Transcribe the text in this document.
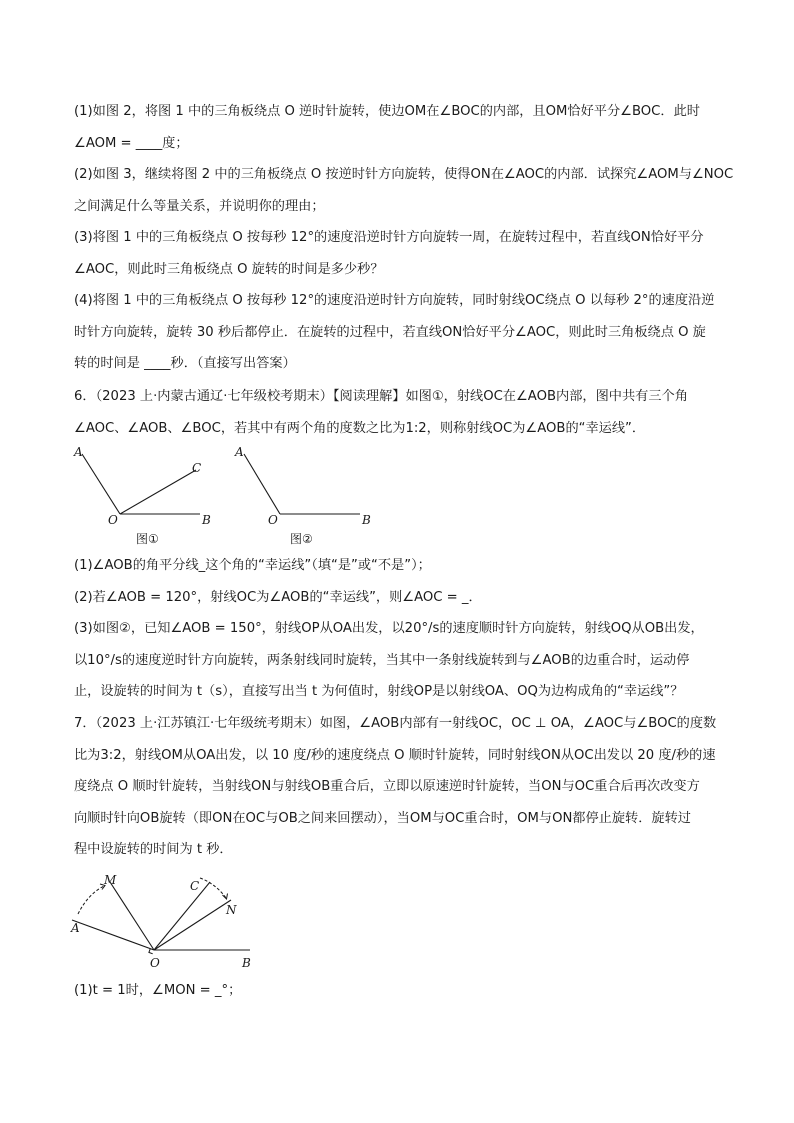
(1)如图 2，将图 1 中的三角板绕点 O 逆时针旋转，使边OM在∠BOC的内部，且OM恰好平分∠BOC．此时

∠AOM = ____度；

(2)如图 3，继续将图 2 中的三角板绕点 O 按逆时针方向旋转，使得ON在∠AOC的内部．试探究∠AOM与∠NOC

之间满足什么等量关系，并说明你的理由；

(3)将图 1 中的三角板绕点 O 按每秒 12°的速度沿逆时针方向旋转一周，在旋转过程中，若直线ON恰好平分

∠AOC，则此时三角板绕点 O 旋转的时间是多少秒？

(4)将图 1 中的三角板绕点 O 按每秒 12°的速度沿逆时针方向旋转，同时射线OC绕点 O 以每秒 2°的速度沿逆

时针方向旋转，旋转 30 秒后都停止．在旋转的过程中，若直线ON恰好平分∠AOC，则此时三角板绕点 O 旋

转的时间是 ____秒．（直接写出答案）

6．（2023 上·内蒙古通辽·七年级校考期末）【阅读理解】如图①，射线OC在∠AOB内部，图中共有三个角

∠AOC、∠AOB、∠BOC，若其中有两个角的度数之比为1:2，则称射线OC为∠AOB的“幸运线”．

A
C
O	B
图①
A
O	B
图②

(1)∠AOB的角平分线_这个角的“幸运线”（填“是”或“不是”）；

(2)若∠AOB = 120°，射线OC为∠AOB的“幸运线”，则∠AOC = _．

(3)如图②，已知∠AOB = 150°，射线OP从OA出发，以20°/s的速度顺时针方向旋转，射线OQ从OB出发，

以10°/s的速度逆时针方向旋转，两条射线同时旋转，当其中一条射线旋转到与∠AOB的边重合时，运动停

止，设旋转的时间为 t（s），直接写出当 t 为何值时，射线OP是以射线OA、OQ为边构成角的“幸运线”？

7．（2023 上·江苏镇江·七年级统考期末）如图，∠AOB内部有一射线OC，OC ⊥ OA，∠AOC与∠BOC的度数

比为3:2，射线OM从OA出发，以 10 度/秒的速度绕点 O 顺时针旋转，同时射线ON从OC出发以 20 度/秒的速

度绕点 O 顺时针旋转，当射线ON与射线OB重合后，立即以原速逆时针旋转，当ON与OC重合后再次改变方

向顺时针向OB旋转（即ON在OC与OB之间来回摆动），当OM与OC重合时，OM与ON都停止旋转．旋转过

程中设旋转的时间为 t 秒．

M	C
N
A
O	B

(1)t = 1时，∠MON = _°；
